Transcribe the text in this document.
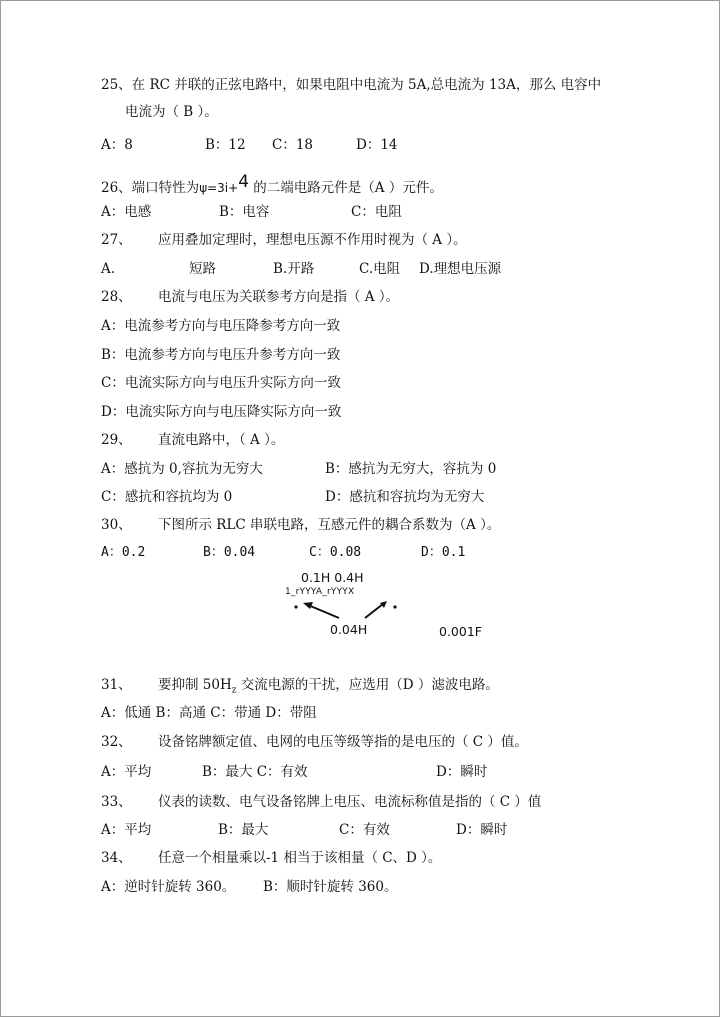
25、在 RC 并联的正弦电路中，如果电阻中电流为 5A,总电流为 13A，那么 电容中
电流为（ B ）。
A：8	B：12 C：18	D：14
26、端口特性为ψ=3i+$^4$ 的二端电路元件是（A ）元件。
A：电感	B：电容	C：电阻
27、 应用叠加定理时，理想电压源不作用时视为（ A ）。
A.	短路	B.开路	C.电阻 D.理想电压源
28、 电流与电压为关联参考方向是指（ A ）。
A：电流参考方向与电压降参考方向一致
B：电流参考方向与电压升参考方向一致
C：电流实际方向与电压升实际方向一致
D：电流实际方向与电压降实际方向一致
29、 直流电路中，（ A ）。
A：感抗为 0,容抗为无穷大	B：感抗为无穷大，容抗为 0
C：感抗和容抗均为 0	D：感抗和容抗均为无穷大
30、 下图所示 RLC 串联电路，互感元件的耦合系数为（A ）。
A：0.2	B：0.04	C：0.08	D：0.1
0.1H 0.4H
1_rYYYA_rYYYX
0.04H	0.001F
31、 要抑制 $50H_z$ 交流电源的干扰，应选用（D ）滤波电路。
A：低通 B：高通 C：带通 D：带阻
32、 设备铭牌额定值、电网的电压等级等指的是电压的（ C ）值。
A：平均	B：最大 C：有效	D：瞬时
33、 仪表的读数、电气设备铭牌上电压、电流标称值是指的（ C ）值
A：平均	B：最大	C：有效	D：瞬时
34、 任意一个相量乘以-1 相当于该相量（ C、D ）。
A：逆时针旋转 360。 B：顺时针旋转 360。
